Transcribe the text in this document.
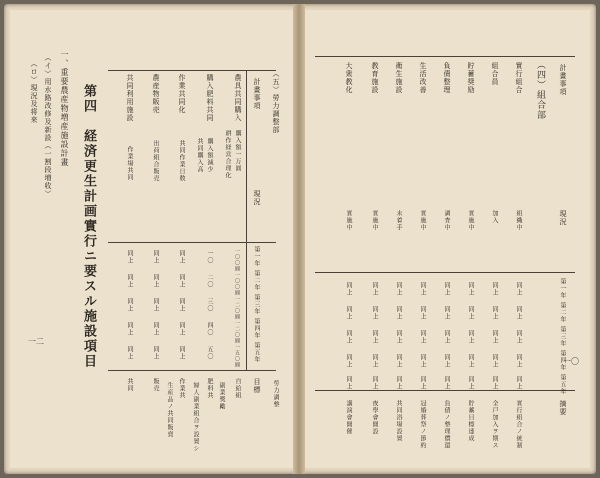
一二
（ロ）現況及将来 （イ）用水路改修及新設（一割段増收） 一、重要農産物増産施設計畫 第四　経済更生計画實行ニ要スル施設項目	計畫事項
現況
第一年
第二年
第三年
第四年
第五年
目標
農具共同購入
購入額一万圓
耕作経営合理化
一〇〇圓
一〇〇圓
一二〇圓
一二〇圓
一五〇圓
自給組
購入肥料共同
購入額減少
共同購入高
一〇
二〇
三〇
四〇
五〇
肥料共
作業共同化
共同作業日数
同上
同上
同上
同上
同上
作業共
農産物販売
出荷組合販売
同上
同上
同上
同上
同上
販売
共同利用施設
作業場共同
同上
同上
同上
同上
同上
共同
（五）勞力調整部
勞力調整
副業獎勵
婦人副業組合ヲ設置シ
生産品ノ共同販賣
一〇
計畫事項
現況
第一年
第二年
第三年
第四年
第五年
摘要
（四）組合部
實行組合
組織中
同上
同上
同上
同上
同上
實行組合ノ統制
組合員
加入
同上
同上
同上
同上
同上
全戸加入ヲ期ス
貯蓄奨励
實施中
同上
同上
同上
同上
同上
貯蓄目標達成
負債整理
調査中
同上
同上
同上
同上
同上
負債ノ整理償還
生活改善
實施中
同上
同上
同上
同上
同上
冠婚葬祭ノ節約
衛生施設
未着手
同上
同上
同上
同上
同上
共同浴場設置
教育施設
實施中
同上
同上
同上
同上
同上
夜學會開設
大衆教化
實施中
同上
同上
同上
同上
同上
講演會開催
